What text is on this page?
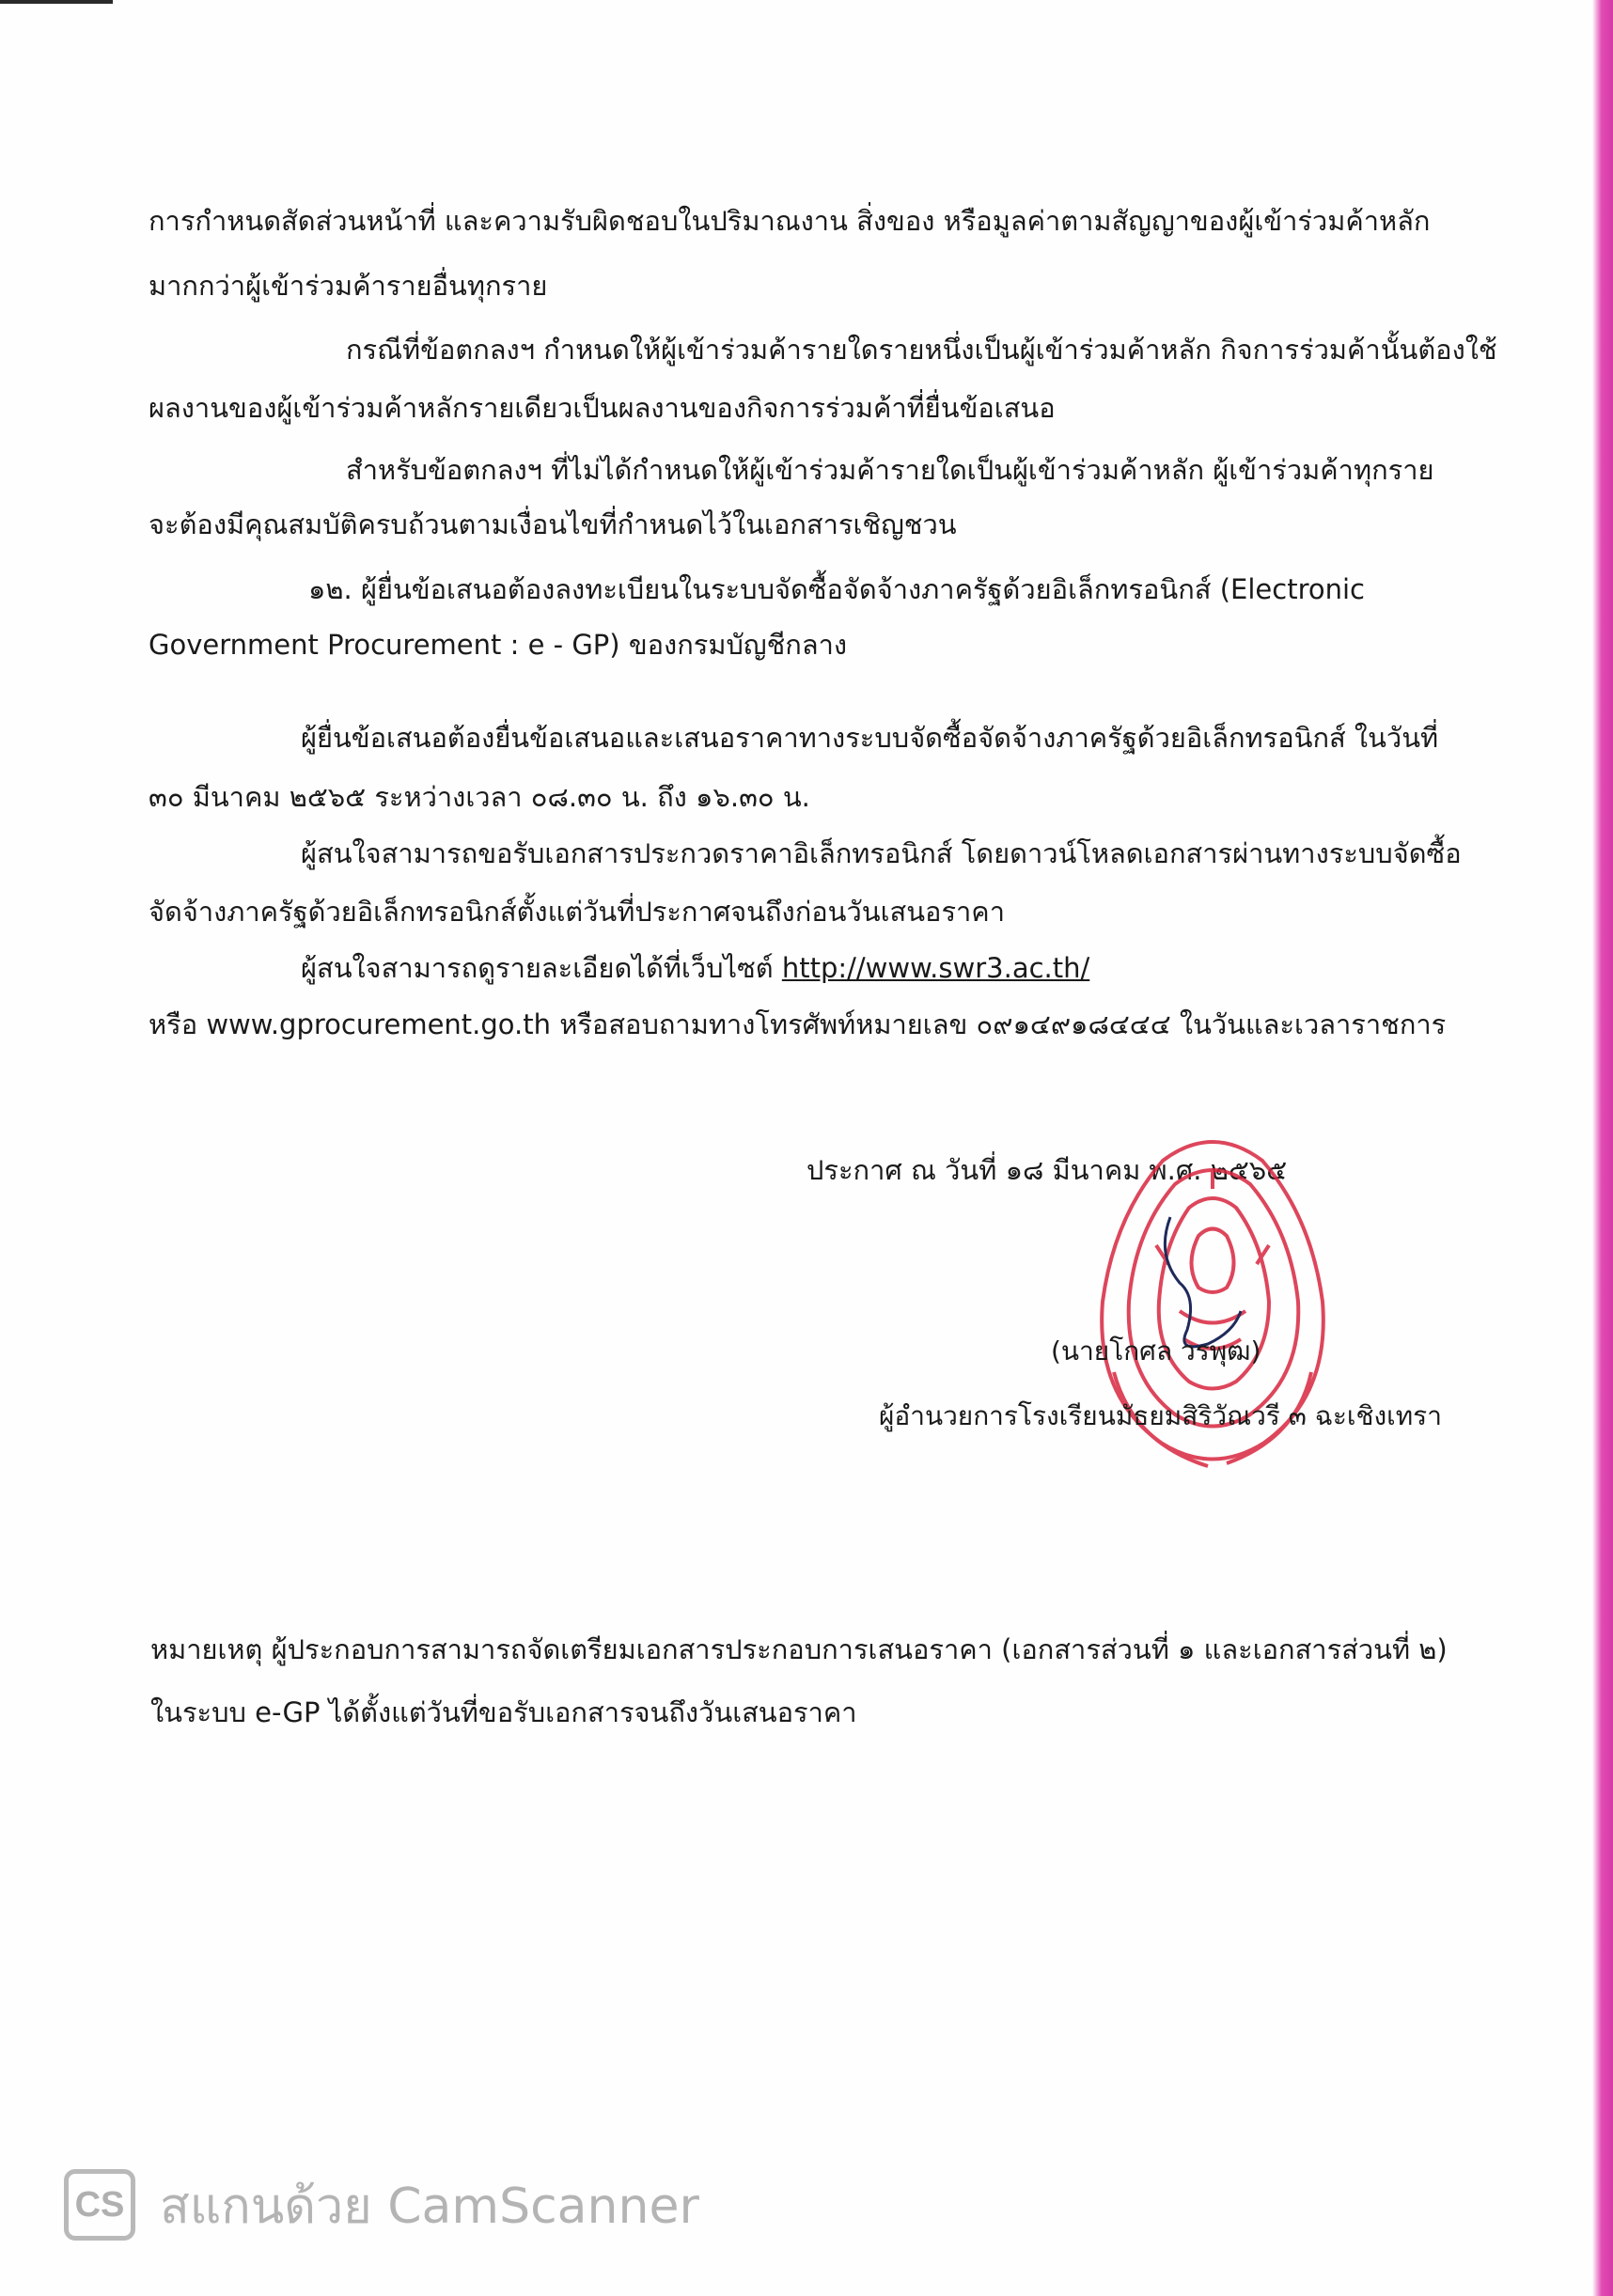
การกำหนดสัดส่วนหน้าที่ และความรับผิดชอบในปริมาณงาน สิ่งของ หรือมูลค่าตามสัญญาของผู้เข้าร่วมค้าหลัก
มากกว่าผู้เข้าร่วมค้ารายอื่นทุกราย
กรณีที่ข้อตกลงฯ กำหนดให้ผู้เข้าร่วมค้ารายใดรายหนึ่งเป็นผู้เข้าร่วมค้าหลัก กิจการร่วมค้านั้นต้องใช้
ผลงานของผู้เข้าร่วมค้าหลักรายเดียวเป็นผลงานของกิจการร่วมค้าที่ยื่นข้อเสนอ
สำหรับข้อตกลงฯ ที่ไม่ได้กำหนดให้ผู้เข้าร่วมค้ารายใดเป็นผู้เข้าร่วมค้าหลัก ผู้เข้าร่วมค้าทุกราย
จะต้องมีคุณสมบัติครบถ้วนตามเงื่อนไขที่กำหนดไว้ในเอกสารเชิญชวน
๑๒. ผู้ยื่นข้อเสนอต้องลงทะเบียนในระบบจัดซื้อจัดจ้างภาครัฐด้วยอิเล็กทรอนิกส์ (Electronic
Government Procurement : e - GP) ของกรมบัญชีกลาง
ผู้ยื่นข้อเสนอต้องยื่นข้อเสนอและเสนอราคาทางระบบจัดซื้อจัดจ้างภาครัฐด้วยอิเล็กทรอนิกส์ ในวันที่
๓๐ มีนาคม ๒๕๖๕ ระหว่างเวลา ๐๘.๓๐ น. ถึง ๑๖.๓๐ น.
ผู้สนใจสามารถขอรับเอกสารประกวดราคาอิเล็กทรอนิกส์ โดยดาวน์โหลดเอกสารผ่านทางระบบจัดซื้อ
จัดจ้างภาครัฐด้วยอิเล็กทรอนิกส์ตั้งแต่วันที่ประกาศจนถึงก่อนวันเสนอราคา
ผู้สนใจสามารถดูรายละเอียดได้ที่เว็บไซต์ http://www.swr3.ac.th/
หรือ www.gprocurement.go.th หรือสอบถามทางโทรศัพท์หมายเลข ๐๙๑๔๙๑๘๔๔๔ ในวันและเวลาราชการ
ประกาศ ณ วันที่ ๑๘ มีนาคม พ.ศ. ๒๕๖๕
(นายโกศล วรพุฒ)
ผู้อำนวยการโรงเรียนมัธยมสิริวัณวรี ๓ ฉะเชิงเทรา
หมายเหตุ ผู้ประกอบการสามารถจัดเตรียมเอกสารประกอบการเสนอราคา (เอกสารส่วนที่ ๑ และเอกสารส่วนที่ ๒)
ในระบบ e-GP ได้ตั้งแต่วันที่ขอรับเอกสารจนถึงวันเสนอราคา
CS สแกนด้วย CamScanner
